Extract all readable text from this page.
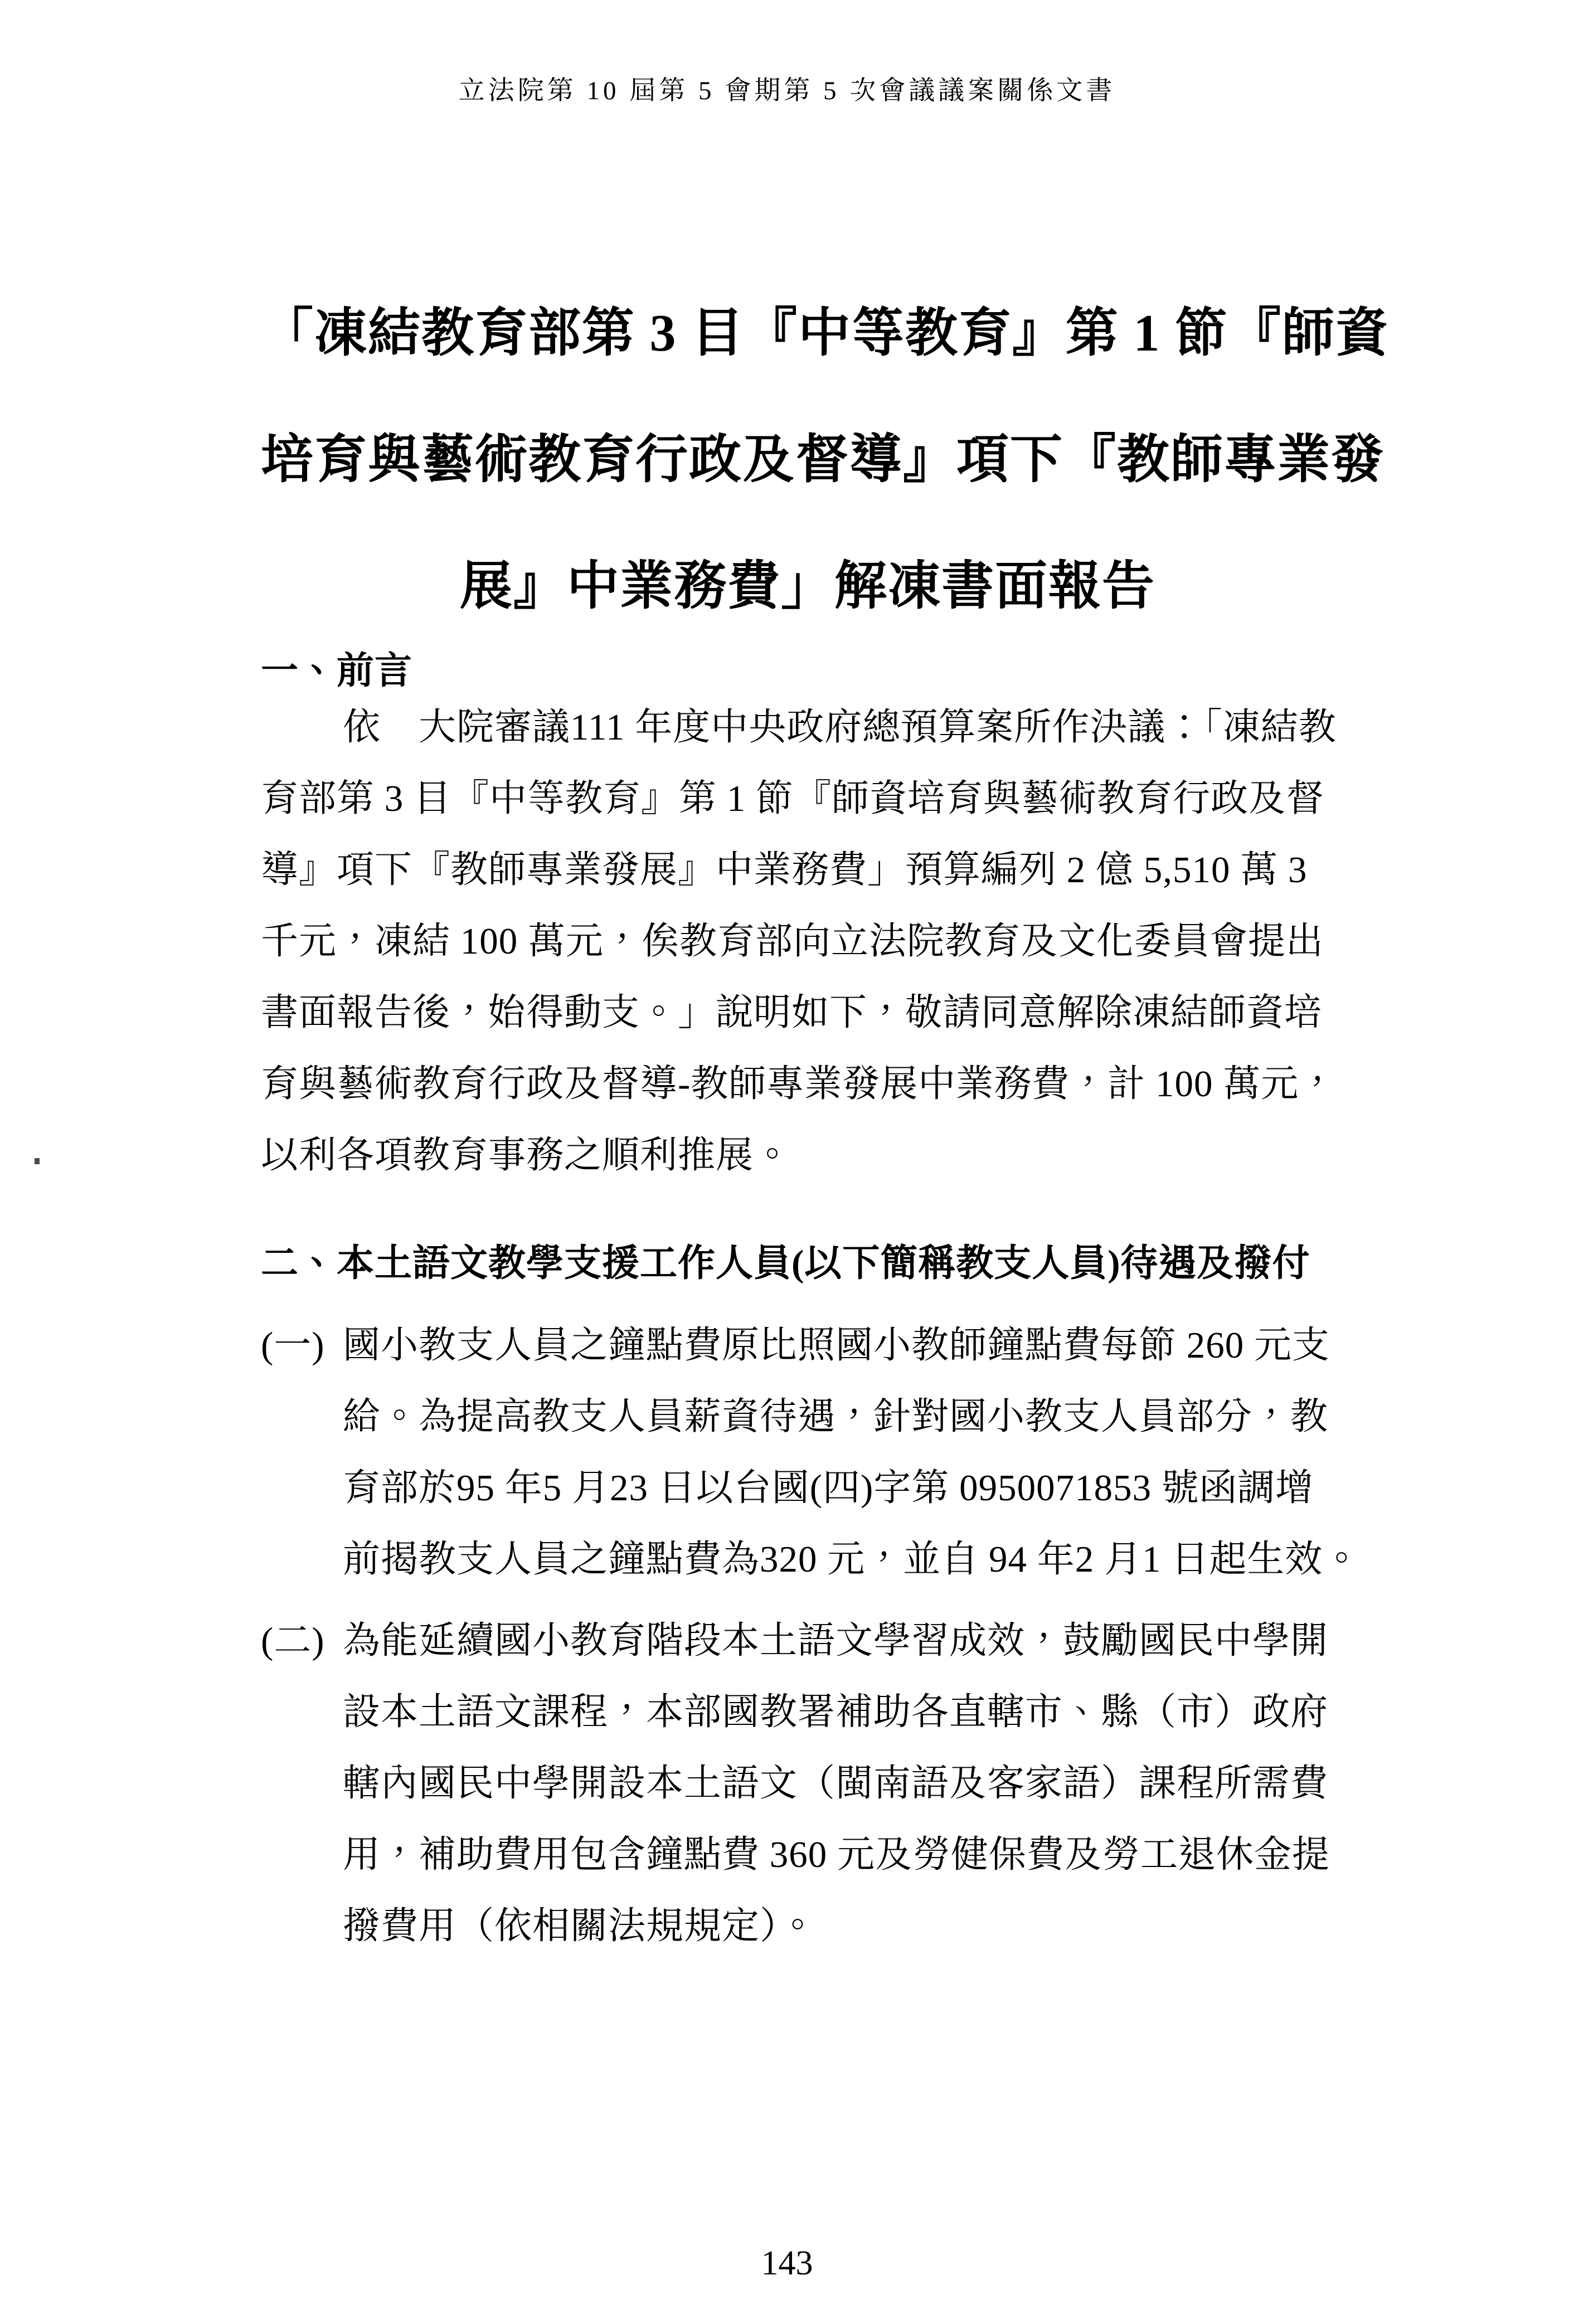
立法院第 10 屆第 5 會期第 5 次會議議案關係文書
「凍結教育部第 3 目『中等教育』第 1 節『師資
培育與藝術教育行政及督導』項下『教師專業發
展』中業務費」解凍書面報告
一、前言
依　大院審議111 年度中央政府總預算案所作決議：「凍結教
育部第 3 目『中等教育』第 1 節『師資培育與藝術教育行政及督
導』項下『教師專業發展』中業務費」預算編列 2 億 5,510 萬 3
千元，凍結 100 萬元，俟教育部向立法院教育及文化委員會提出
書面報告後，始得動支。」說明如下，敬請同意解除凍結師資培
育與藝術教育行政及督導-教師專業發展中業務費，計 100 萬元，
以利各項教育事務之順利推展。
二、本土語文教學支援工作人員(以下簡稱教支人員)待遇及撥付
(一) 國小教支人員之鐘點費原比照國小教師鐘點費每節 260 元支
給。為提高教支人員薪資待遇，針對國小教支人員部分，教
育部於95 年5 月23 日以台國(四)字第 0950071853 號函調增
前揭教支人員之鐘點費為320 元，並自 94 年2 月1 日起生效。
(二) 為能延續國小教育階段本土語文學習成效，鼓勵國民中學開
設本土語文課程，本部國教署補助各直轄市、縣（市）政府
轄內國民中學開設本土語文（閩南語及客家語）課程所需費
用，補助費用包含鐘點費 360 元及勞健保費及勞工退休金提
撥費用（依相關法規規定）。
143
